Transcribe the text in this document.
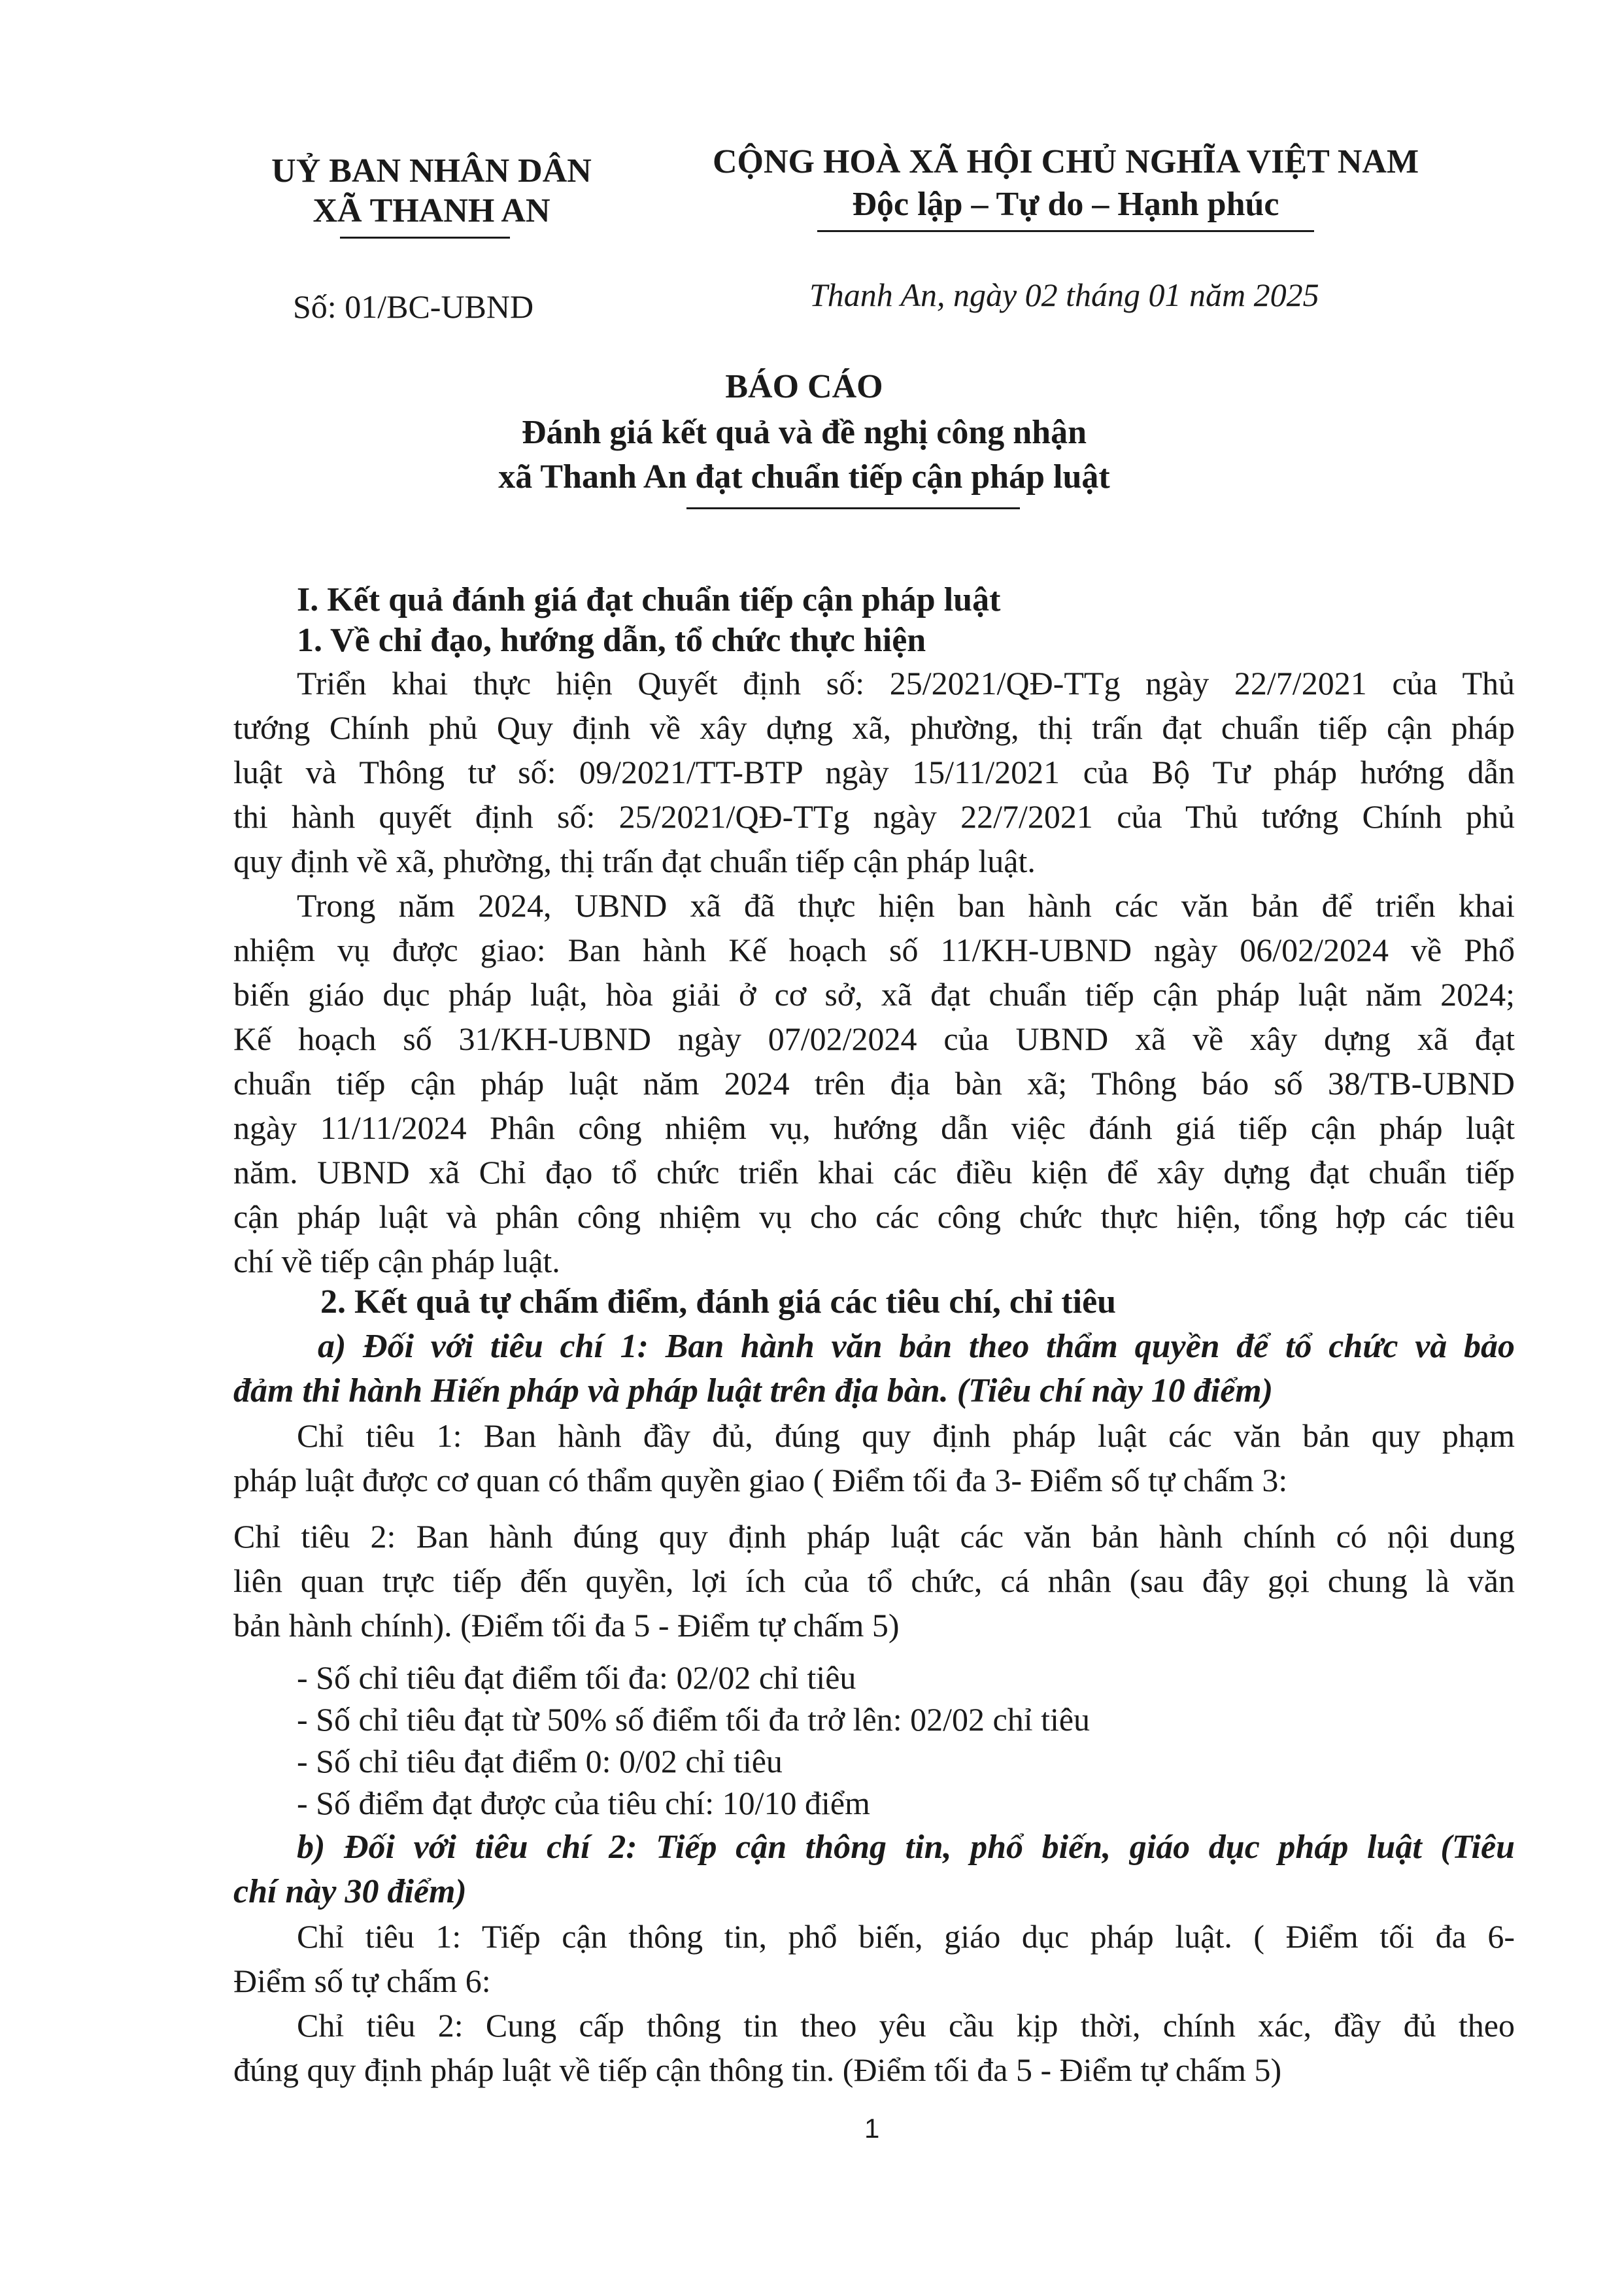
UỶ BAN NHÂN DÂN
XÃ THANH AN
CỘNG HOÀ XÃ HỘI CHỦ NGHĨA VIỆT NAM
Độc lập – Tự do – Hạnh phúc
Số: 01/BC-UBND	Thanh An, ngày 02 tháng 01 năm 2025
BÁO CÁO
Đánh giá kết quả và đề nghị công nhận
xã Thanh An đạt chuẩn tiếp cận pháp luật
I. Kết quả đánh giá đạt chuẩn tiếp cận pháp luật
1. Về chỉ đạo, hướng dẫn, tổ chức thực hiện
Triển khai thực hiện Quyết định số: 25/2021/QĐ-TTg ngày 22/7/2021 của Thủ
tướng Chính phủ Quy định về xây dựng xã, phường, thị trấn đạt chuẩn tiếp cận pháp
luật và Thông tư số: 09/2021/TT-BTP ngày 15/11/2021 của Bộ Tư pháp hướng dẫn
thi hành quyết định số: 25/2021/QĐ-TTg ngày 22/7/2021 của Thủ tướng Chính phủ
quy định về xã, phường, thị trấn đạt chuẩn tiếp cận pháp luật.
Trong năm 2024, UBND xã đã thực hiện ban hành các văn bản để triển khai
nhiệm vụ được giao: Ban hành Kế hoạch số 11/KH-UBND ngày 06/02/2024 về Phổ
biến giáo dục pháp luật, hòa giải ở cơ sở, xã đạt chuẩn tiếp cận pháp luật năm 2024;
Kế hoạch số 31/KH-UBND ngày 07/02/2024 của UBND xã về xây dựng xã đạt
chuẩn tiếp cận pháp luật năm 2024 trên địa bàn xã; Thông báo số 38/TB-UBND
ngày 11/11/2024 Phân công nhiệm vụ, hướng dẫn việc đánh giá tiếp cận pháp luật
năm. UBND xã Chỉ đạo tổ chức triển khai các điều kiện để xây dựng đạt chuẩn tiếp
cận pháp luật và phân công nhiệm vụ cho các công chức thực hiện, tổng hợp các tiêu
chí về tiếp cận pháp luật.
2. Kết quả tự chấm điểm, đánh giá các tiêu chí, chỉ tiêu
a) Đối với tiêu chí 1: Ban hành văn bản theo thẩm quyền để tổ chức và bảo
đảm thi hành Hiến pháp và pháp luật trên địa bàn. (Tiêu chí này 10 điểm)
Chỉ tiêu 1: Ban hành đầy đủ, đúng quy định pháp luật các văn bản quy phạm
pháp luật được cơ quan có thẩm quyền giao ( Điểm tối đa 3- Điểm số tự chấm 3:
Chỉ tiêu 2: Ban hành đúng quy định pháp luật các văn bản hành chính có nội dung
liên quan trực tiếp đến quyền, lợi ích của tổ chức, cá nhân (sau đây gọi chung là văn
bản hành chính). (Điểm tối đa 5 - Điểm tự chấm 5)
- Số chỉ tiêu đạt điểm tối đa: 02/02 chỉ tiêu
- Số chỉ tiêu đạt từ 50% số điểm tối đa trở lên: 02/02 chỉ tiêu
- Số chỉ tiêu đạt điểm 0: 0/02 chỉ tiêu
- Số điểm đạt được của tiêu chí: 10/10 điểm
b) Đối với tiêu chí 2: Tiếp cận thông tin, phổ biến, giáo dục pháp luật (Tiêu
chí này 30 điểm)
Chỉ tiêu 1: Tiếp cận thông tin, phổ biến, giáo dục pháp luật. ( Điểm tối đa 6-
Điểm số tự chấm 6:
Chỉ tiêu 2: Cung cấp thông tin theo yêu cầu kịp thời, chính xác, đầy đủ theo
đúng quy định pháp luật về tiếp cận thông tin. (Điểm tối đa 5 - Điểm tự chấm 5)
1
